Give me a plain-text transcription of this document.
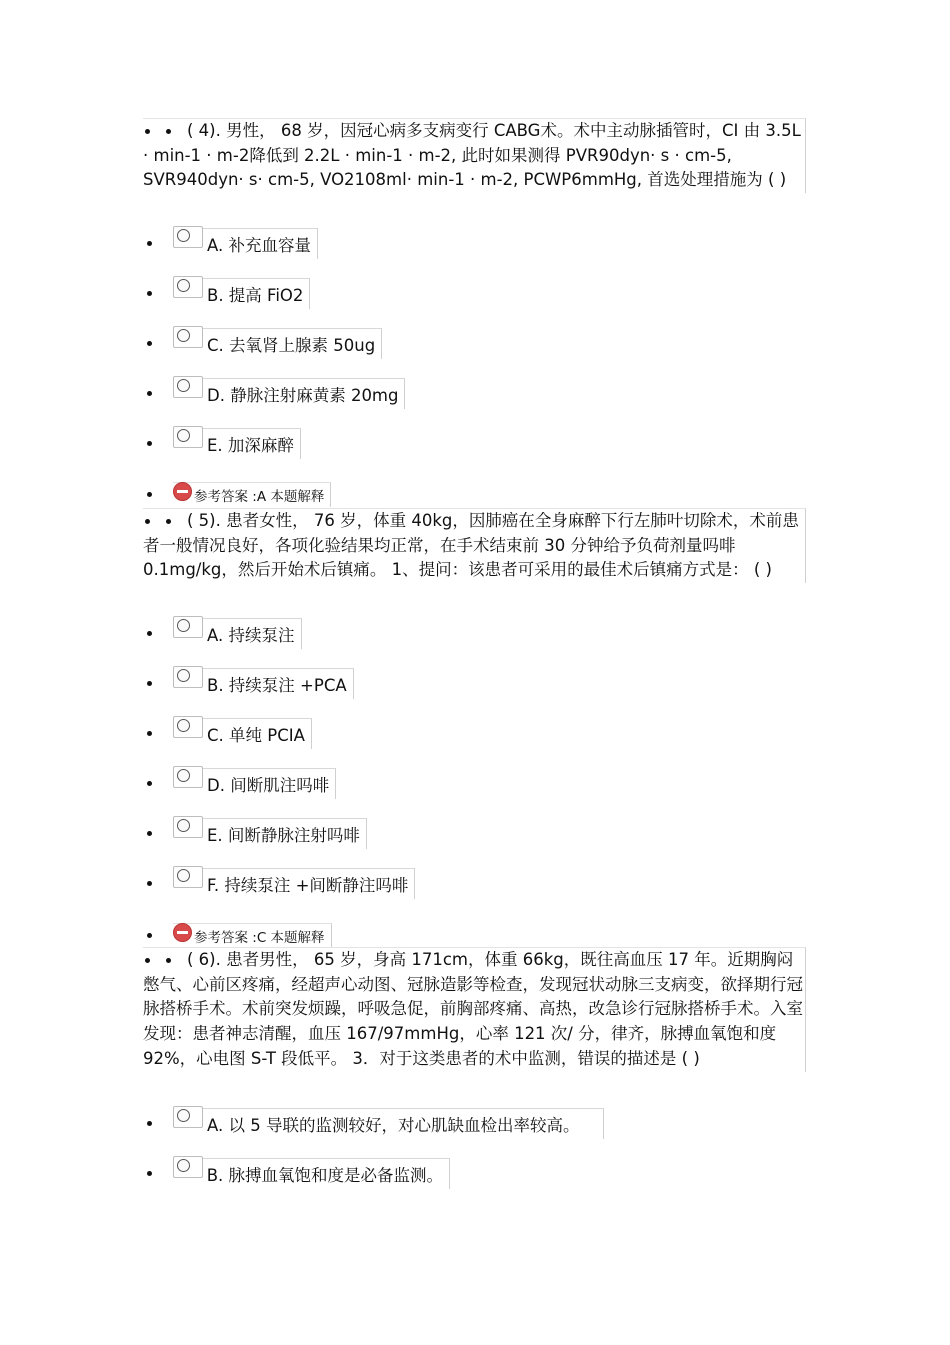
( 4). 男性， 68 岁，因冠心病多支病变行 CABG术。术中主动脉插管时，CI 由 3.5L · min-1 · m-2降低到 2.2L · min-1 · m-2, 此时如果测得 PVR90dyn· s · cm-5, SVR940dyn· s· cm-5, VO2108ml· min-1 · m-2, PCWP6mmHg, 首选处理措施为 ( )
A. 补充血容量
B. 提高 FiO2
C. 去氧肾上腺素 50ug
D. 静脉注射麻黄素 20mg
E. 加深麻醉
参考答案 :A 本题解释
( 5). 患者女性， 76 岁，体重 40kg，因肺癌在全身麻醉下行左肺叶切除术，术前患者一般情况良好，各项化验结果均正常，在手术结束前 30 分钟给予负荷剂量吗啡 0.1mg/kg，然后开始术后镇痛。 1、提问：该患者可采用的最佳术后镇痛方式是： ( )
A. 持续泵注
B. 持续泵注 +PCA
C. 单纯 PCIA
D. 间断肌注吗啡
E. 间断静脉注射吗啡
F. 持续泵注 +间断静注吗啡
参考答案 :C 本题解释
( 6). 患者男性， 65 岁，身高 171cm，体重 66kg，既往高血压 17 年。近期胸闷憋气、心前区疼痛，经超声心动图、冠脉造影等检查，发现冠状动脉三支病变，欲择期行冠脉搭桥手术。术前突发烦躁，呼吸急促，前胸部疼痛、高热，改急诊行冠脉搭桥手术。入室发现：患者神志清醒，血压 167/97mmHg，心率 121 次/ 分，律齐，脉搏血氧饱和度 92%，心电图 S-T 段低平。 3．对于这类患者的术中监测，错误的描述是 ( )
A. 以 5 导联的监测较好，对心肌缺血检出率较高。
B. 脉搏血氧饱和度是必备监测。
